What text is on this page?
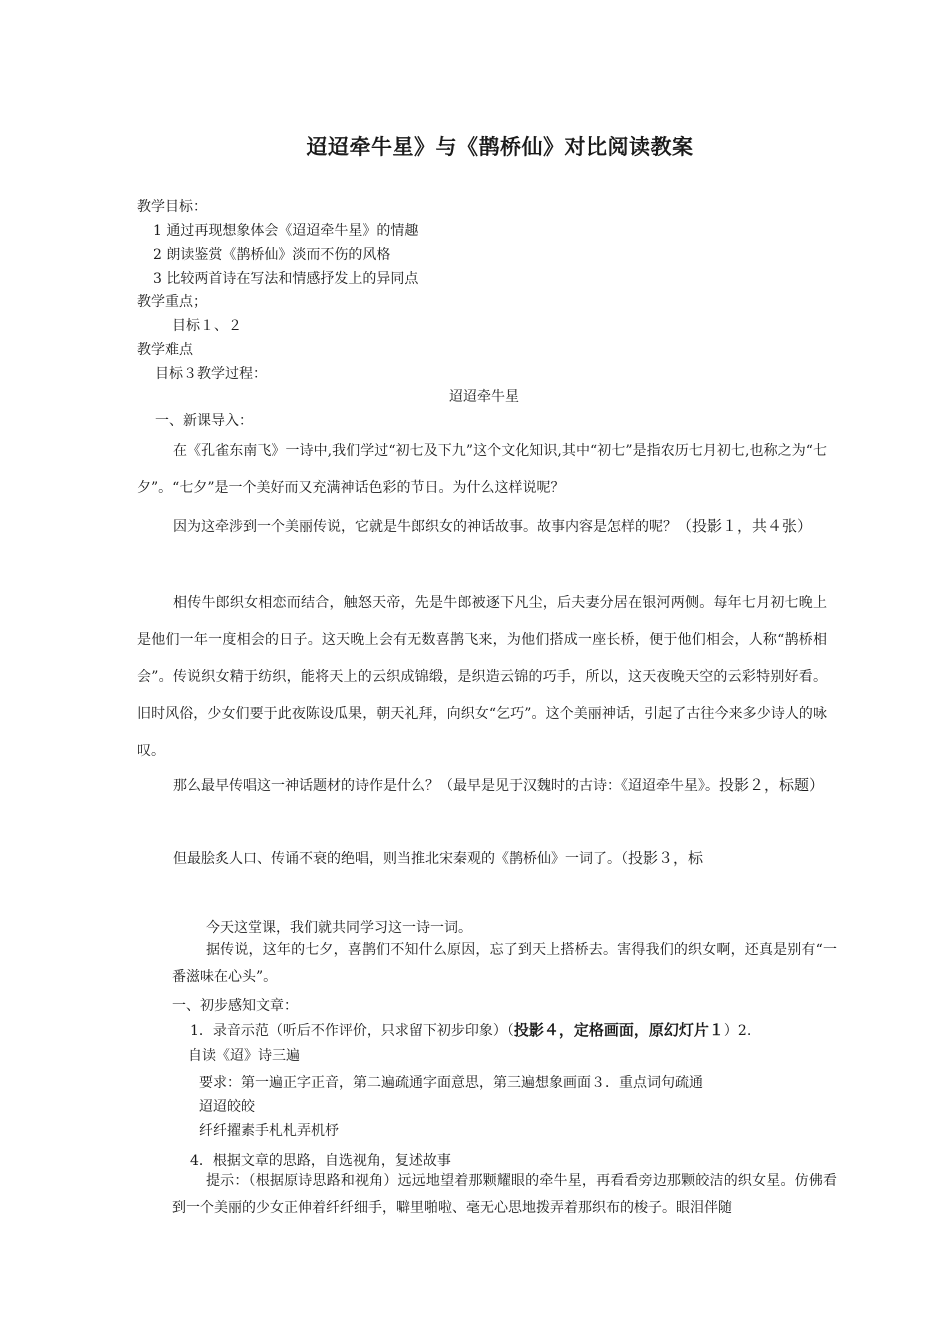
迢迢牵牛星》与《鹊桥仙》对比阅读教案
教学目标：
1 通过再现想象体会《迢迢牵牛星》的情趣
2 朗读鉴赏《鹊桥仙》淡而不伤的风格
3 比较两首诗在写法和情感抒发上的异同点
教学重点；
目标１、２
教学难点
目标３教学过程：
迢迢牵牛星
一、新课导入：
在《孔雀东南飞》一诗中,我们学过“初七及下九”这个文化知识,其中“初七”是指农历七月初七,也称之为“七夕”。“七夕”是一个美好而又充满神话色彩的节日。为什么这样说呢？
因为这牵涉到一个美丽传说，它就是牛郎织女的神话故事。故事内容是怎样的呢？（投影１，共４张）
相传牛郎织女相恋而结合，触怒天帝，先是牛郎被逐下凡尘，后夫妻分居在银河两侧。每年七月初七晚上是他们一年一度相会的日子。这天晚上会有无数喜鹊飞来，为他们搭成一座长桥，便于他们相会，人称“鹊桥相会”。传说织女精于纺织，能将天上的云织成锦缎，是织造云锦的巧手，所以，这天夜晚天空的云彩特别好看。旧时风俗，少女们要于此夜陈设瓜果，朝天礼拜，向织女“乞巧”。这个美丽神话，引起了古往今来多少诗人的咏叹。
那么最早传唱这一神话题材的诗作是什么？（最早是见于汉魏时的古诗：《迢迢牵牛星》。投影２，标题）
但最脍炙人口、传诵不衰的绝唱，则当推北宋秦观的《鹊桥仙》一词了。（投影３，标
今天这堂课，我们就共同学习这一诗一词。
据传说，这年的七夕，喜鹊们不知什么原因，忘了到天上搭桥去。害得我们的织女啊，还真是别有“一番滋味在心头”。
一、初步感知文章：
1．录音示范（听后不作评价，只求留下初步印象）（投影４，定格画面，原幻灯片１）2.
自读《迢》诗三遍
要求：第一遍正字正音，第二遍疏通字面意思，第三遍想象画面３．重点词句疏通
迢迢皎皎
纤纤擢素手札札弄机杼
4．根据文章的思路，自选视角，复述故事
提示：（根据原诗思路和视角）远远地望着那颗耀眼的牵牛星，再看看旁边那颗皎洁的织女星。仿佛看到一个美丽的少女正伸着纤纤细手，噼里啪啦、毫无心思地拨弄着那织布的梭子。眼泪伴随
